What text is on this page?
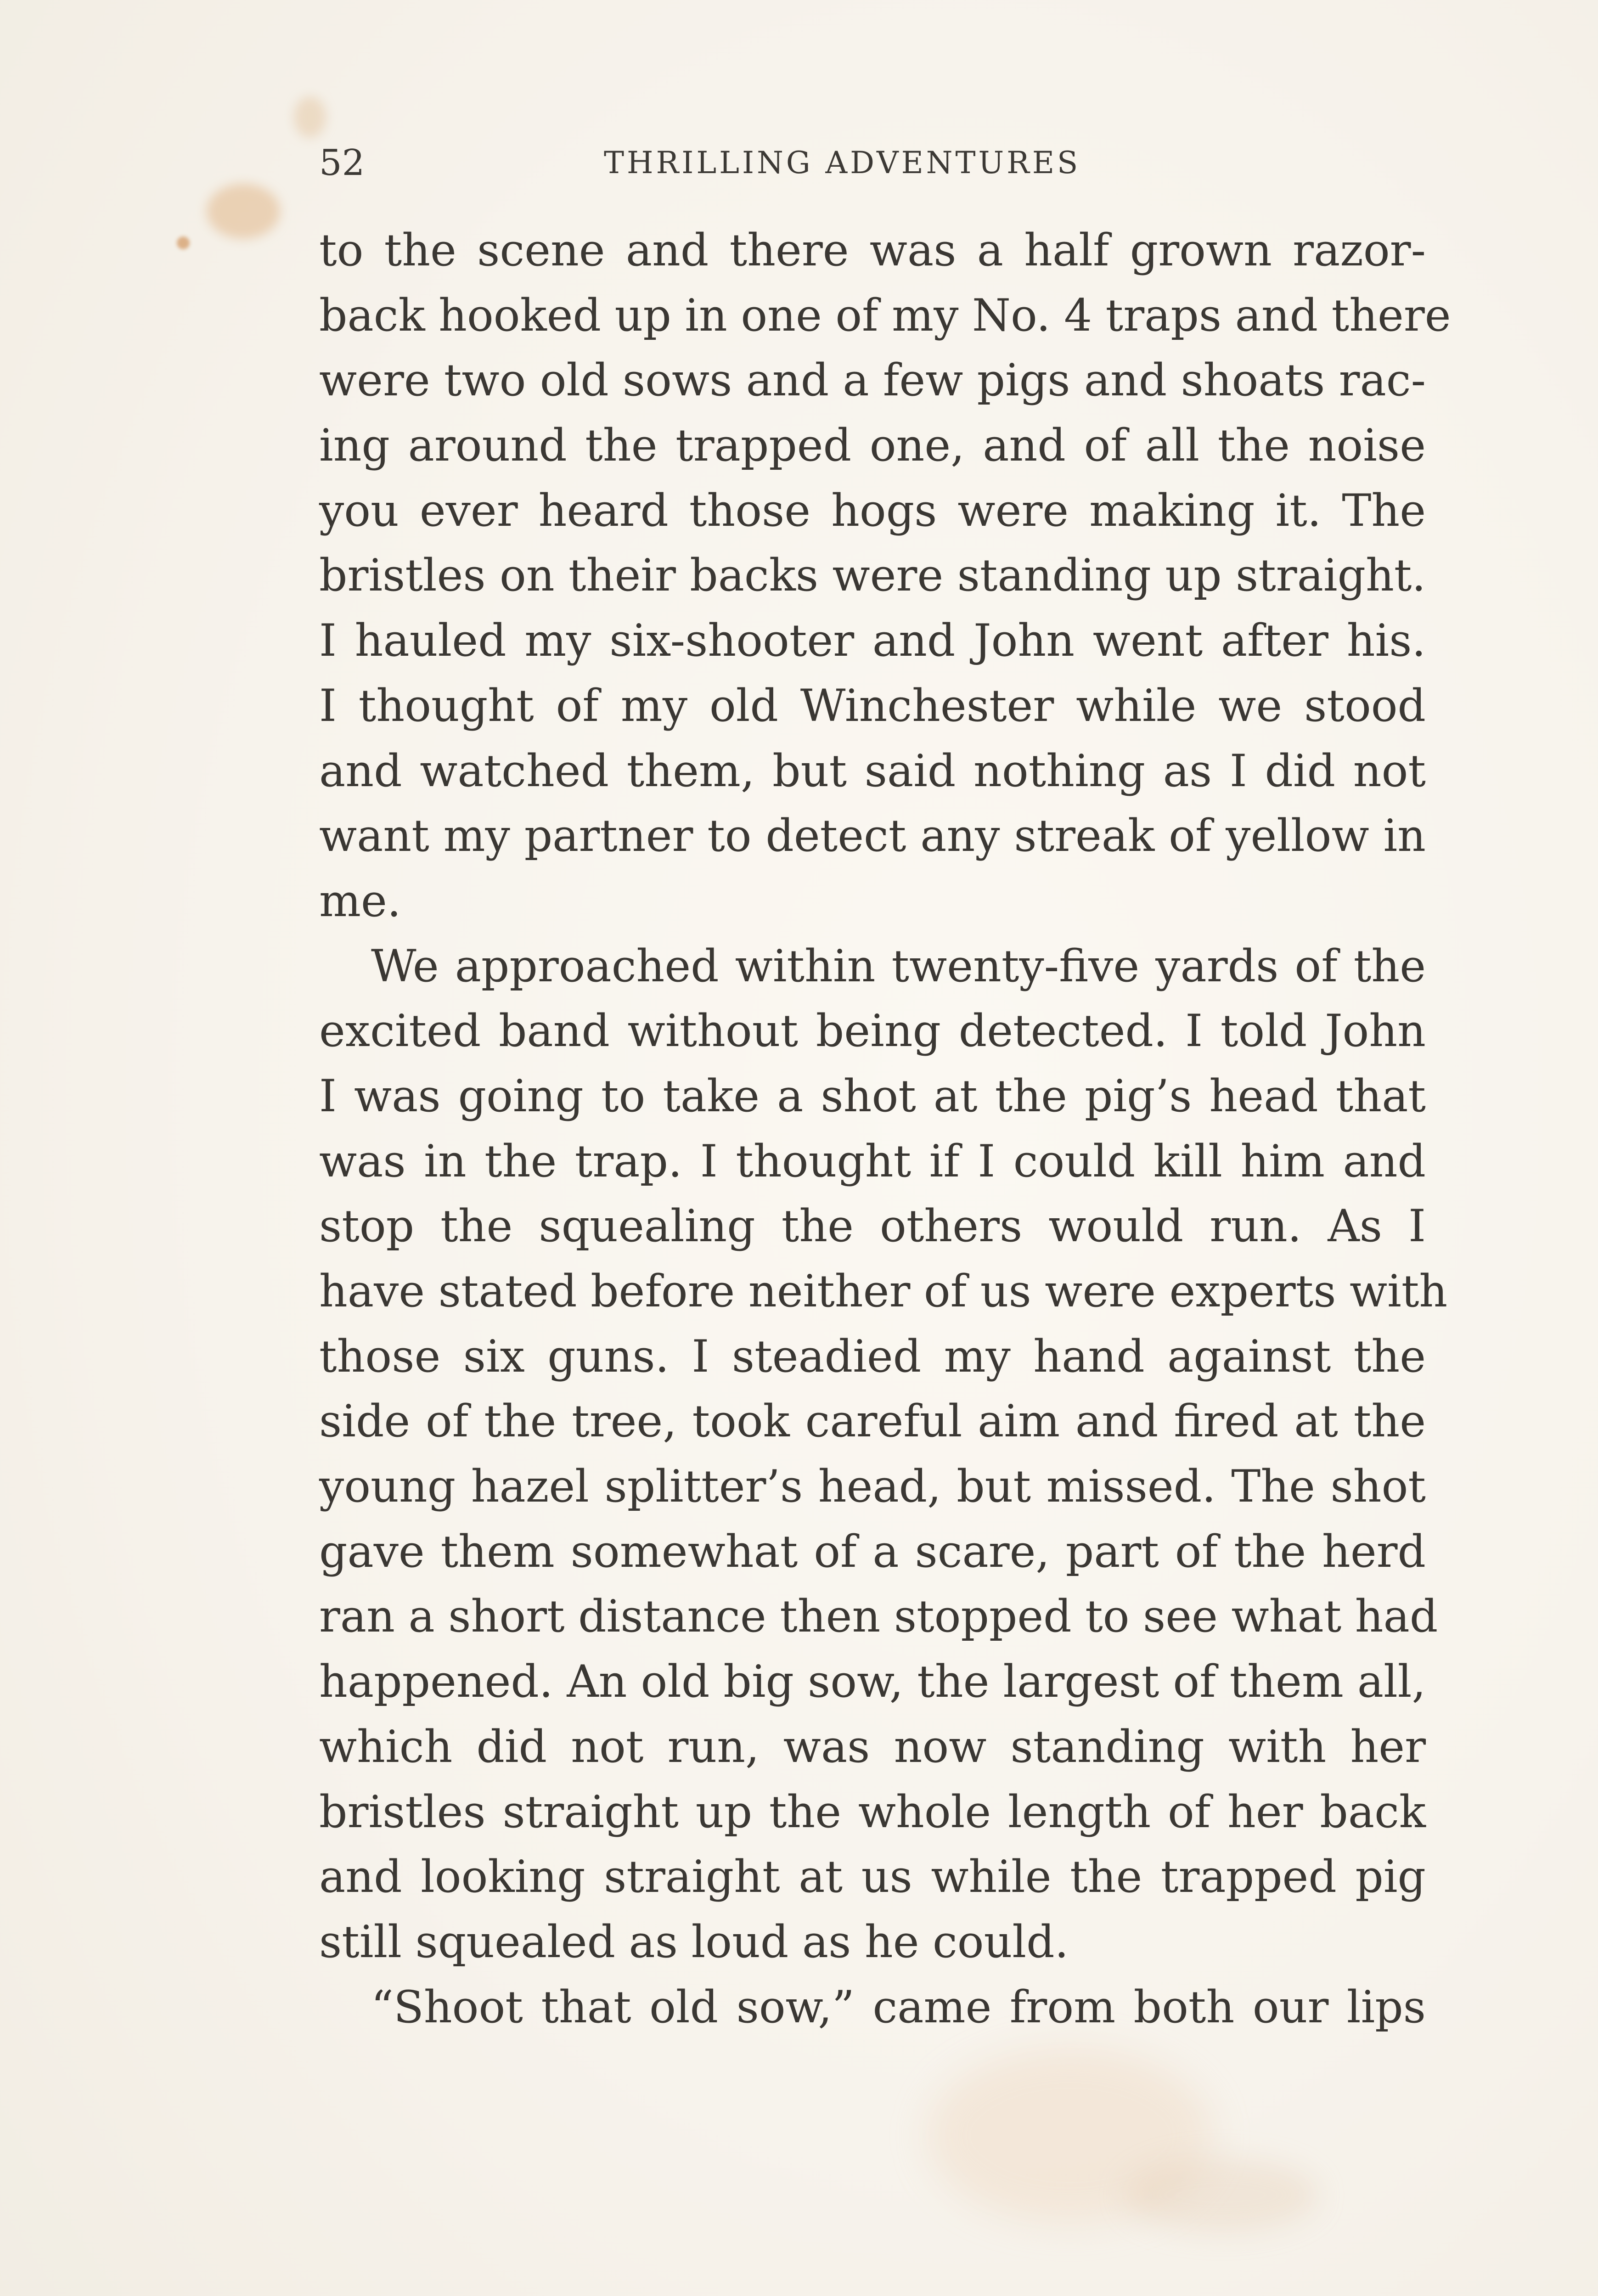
52	THRILLING ADVENTURES
to the scene and there was a half grown razor-
back hooked up in one of my No. 4 traps and there
were two old sows and a few pigs and shoats rac-
ing around the trapped one, and of all the noise
you ever heard those hogs were making it. The
bristles on their backs were standing up straight.
I hauled my six-shooter and John went after his.
I thought of my old Winchester while we stood
and watched them, but said nothing as I did not
want my partner to detect any streak of yellow in
me.
We approached within twenty-five yards of the
excited band without being detected. I told John
I was going to take a shot at the pig’s head that
was in the trap. I thought if I could kill him and
stop the squealing the others would run. As I
have stated before neither of us were experts with
those six guns. I steadied my hand against the
side of the tree, took careful aim and fired at the
young hazel splitter’s head, but missed. The shot
gave them somewhat of a scare, part of the herd
ran a short distance then stopped to see what had
happened. An old big sow, the largest of them all,
which did not run, was now standing with her
bristles straight up the whole length of her back
and looking straight at us while the trapped pig
still squealed as loud as he could.
“Shoot that old sow,” came from both our lips
